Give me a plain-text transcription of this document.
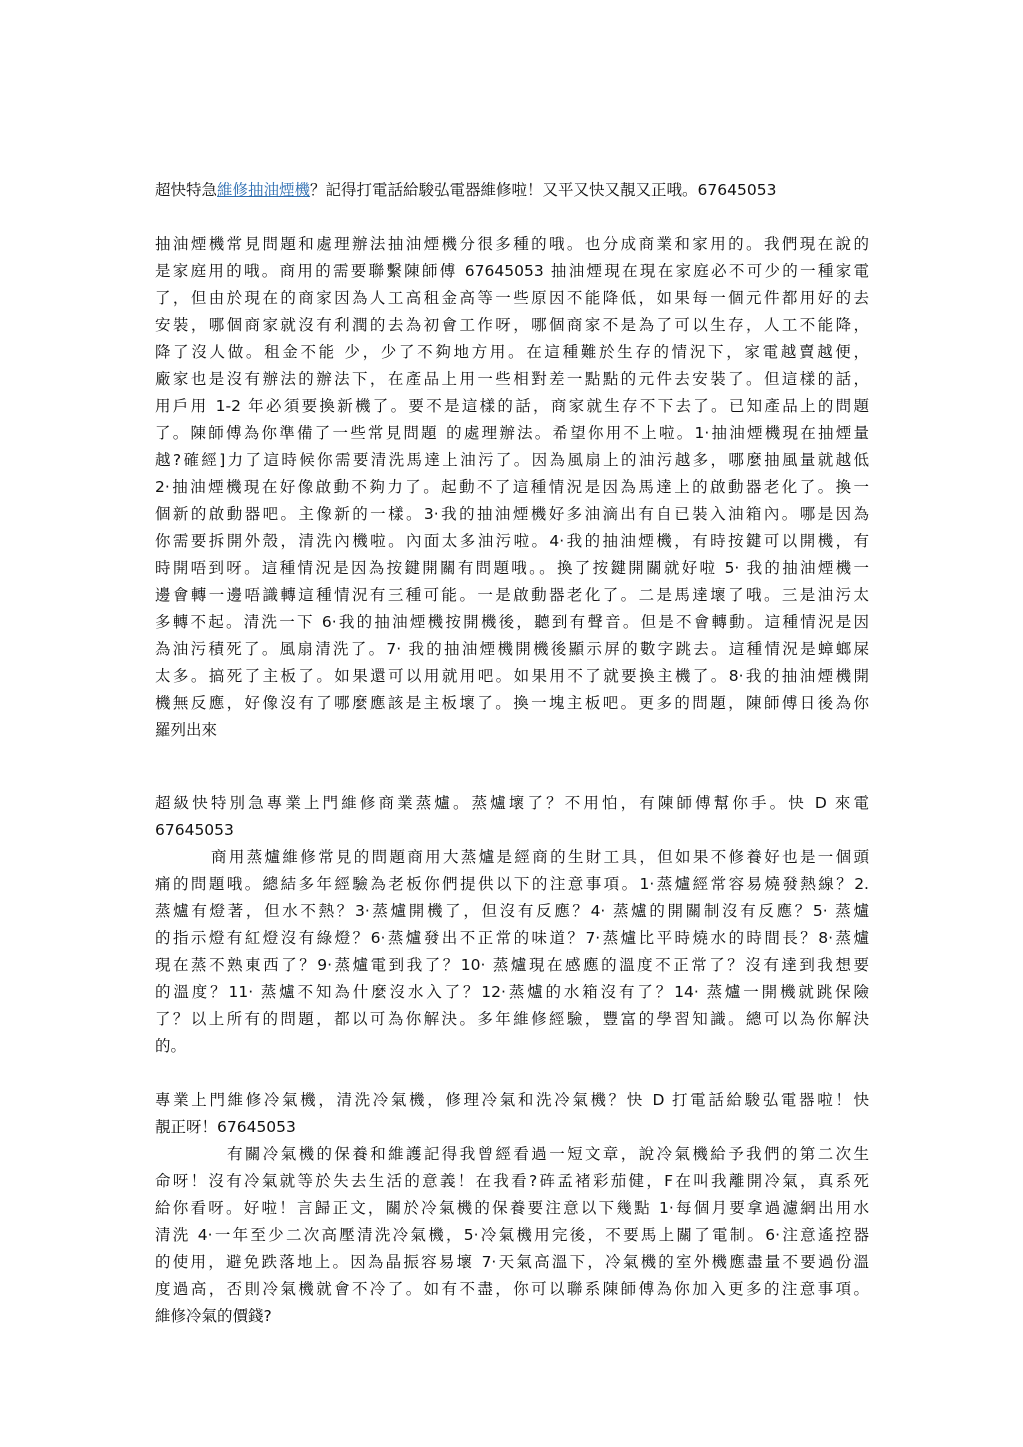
超快特急維修抽油煙機？記得打電話給駿弘電器維修啦！又平又快又靚又正哦。67645053
抽油煙機常見問題和處理辦法抽油煙機分很多種的哦。也分成商業和家用的。我們現在說的
是家庭用的哦。商用的需要聯繫陳師傅 67645053 抽油煙現在現在家庭必不可少的一種家電
了，但由於現在的商家因為人工高租金高等一些原因不能降低，如果每一個元件都用好的去
安裝，哪個商家就沒有利潤的去為初會工作呀，哪個商家不是為了可以生存，人工不能降，
降了沒人做。租金不能 少，少了不夠地方用。在這種難於生存的情況下，家電越賣越便，
廠家也是沒有辦法的辦法下，在產品上用一些相對差一點點的元件去安裝了。但這樣的話，
用戶用 1-2 年必須要換新機了。要不是這樣的話，商家就生存不下去了。已知產品上的問題
了。陳師傅為你準備了一些常見問題 的處理辦法。希望你用不上啦。1·抽油煙機現在抽煙量
越?確經]力了這時候你需要清洗馬達上油污了。因為風扇上的油污越多，哪麼抽風量就越低
2·抽油煙機現在好像啟動不夠力了。起動不了這種情況是因為馬達上的啟動器老化了。換一
個新的啟動器吧。主像新的一樣。3·我的抽油煙機好多油滴出有自已裝入油箱內。哪是因為
你需要拆開外殼，清洗內機啦。內面太多油污啦。4·我的抽油煙機，有時按鍵可以開機，有
時開唔到呀。這種情況是因為按鍵開關有問題哦。。換了按鍵開關就好啦 5· 我的抽油煙機一
邊會轉一邊唔識轉這種情況有三種可能。一是啟動器老化了。二是馬達壞了哦。三是油污太
多轉不起。清洗一下 6·我的抽油煙機按開機後，聽到有聲音。但是不會轉動。這種情況是因
為油污積死了。風扇清洗了。7· 我的抽油煙機開機後顯示屏的數字跳去。這種情況是蟑螂屎
太多。搞死了主板了。如果還可以用就用吧。如果用不了就要換主機了。8·我的抽油煙機開
機無反應，好像沒有了哪麼應該是主板壞了。換一塊主板吧。更多的問題，陳師傅日後為你
羅列出來
超級快特別急專業上門維修商業蒸爐。蒸爐壞了？不用怕，有陳師傅幫你手。快 D 來電
67645053
商用蒸爐維修常見的問題商用大蒸爐是經商的生財工具，但如果不修養好也是一個頭
痛的問題哦。總結多年經驗為老板你們提供以下的注意事項。1·蒸爐經常容易燒發熱線？2.
蒸爐有燈著，但水不熱？3·蒸爐開機了，但沒有反應？4· 蒸爐的開關制沒有反應？5· 蒸爐
的指示燈有紅燈沒有綠燈？6·蒸爐發出不正常的味道？7·蒸爐比平時燒水的時間長？8·蒸爐
現在蒸不熟東西了？9·蒸爐電到我了？10· 蒸爐現在感應的溫度不正常了？沒有達到我想要
的溫度？11· 蒸爐不知為什麼沒水入了？12·蒸爐的水箱沒有了？14· 蒸爐一開機就跳保險
了？以上所有的問題，都以可為你解決。多年維修經驗，豐富的學習知識。總可以為你解決
的。
專業上門維修冷氣機，清洗冷氣機，修理冷氣和洗冷氣機？快 D 打電話給駿弘電器啦！快
靚正呀！67645053
有關冷氣機的保養和維護記得我曾經看過一短文章，說冷氣機給予我們的第二次生
命呀！沒有冷氣就等於失去生活的意義！在我看?砗孟褚彩茄健，F在叫我離開冷氣，真系死
給你看呀。好啦！言歸正文，關於冷氣機的保養要注意以下幾點 1·每個月要拿過濾網出用水
清洗 4·一年至少二次高壓清洗冷氣機，5·冷氣機用完後，不要馬上關了電制。6·注意遙控器
的使用，避免跌落地上。因為晶振容易壞 7·天氣高溫下，冷氣機的室外機應盡量不要過份溫
度過高，否則冷氣機就會不冷了。如有不盡，你可以聯系陳師傅為你加入更多的注意事項。
維修冷氣的價錢?
